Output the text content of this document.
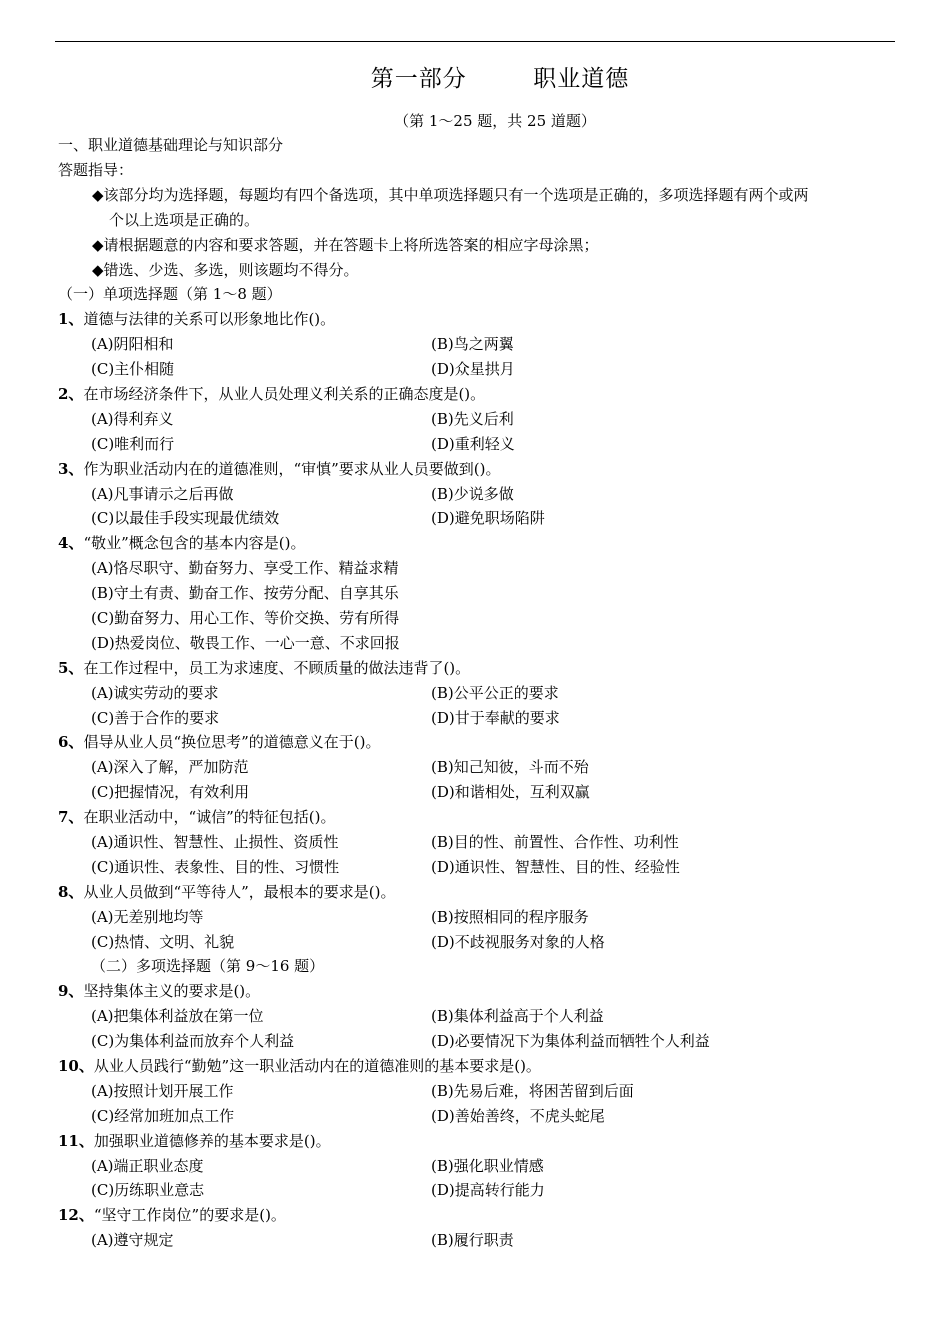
第一部分        职业道德
（第 1～25 题，共 25 道题）
一、职业道德基础理论与知识部分
答题指导：
◆该部分均为选择题，每题均有四个备选项，其中单项选择题只有一个选项是正确的，多项选择题有两个或两
个以上选项是正确的。
◆请根据题意的内容和要求答题，并在答题卡上将所选答案的相应字母涂黑；
◆错选、少选、多选，则该题均不得分。
（一）单项选择题（第 1～8 题）
1、道德与法律的关系可以形象地比作()。
(A)阴阳相和	(B)鸟之两翼
(C)主仆相随	(D)众星拱月
2、在市场经济条件下，从业人员处理义利关系的正确态度是()。
(A)得利弃义	(B)先义后利
(C)唯利而行	(D)重利轻义
3、作为职业活动内在的道德准则，“审慎”要求从业人员要做到()。
(A)凡事请示之后再做	(B)少说多做
(C)以最佳手段实现最优绩效	(D)避免职场陷阱
4、“敬业”概念包含的基本内容是()。
(A)恪尽职守、勤奋努力、享受工作、精益求精
(B)守土有责、勤奋工作、按劳分配、自享其乐
(C)勤奋努力、用心工作、等价交换、劳有所得
(D)热爱岗位、敬畏工作、一心一意、不求回报
5、在工作过程中，员工为求速度、不顾质量的做法违背了()。
(A)诚实劳动的要求	(B)公平公正的要求
(C)善于合作的要求	(D)甘于奉献的要求
6、倡导从业人员“换位思考”的道德意义在于()。
(A)深入了解，严加防范	(B)知己知彼，斗而不殆
(C)把握情况，有效利用	(D)和谐相处，互利双赢
7、在职业活动中，“诚信”的特征包括()。
(A)通识性、智慧性、止损性、资质性	(B)目的性、前置性、合作性、功利性
(C)通识性、表象性、目的性、习惯性	(D)通识性、智慧性、目的性、经验性
8、从业人员做到“平等待人”，最根本的要求是()。
(A)无差别地均等	(B)按照相同的程序服务
(C)热情、文明、礼貌	(D)不歧视服务对象的人格
（二）多项选择题（第 9～16 题）
9、坚持集体主义的要求是()。
(A)把集体利益放在第一位	(B)集体利益高于个人利益
(C)为集体利益而放弃个人利益	(D)必要情况下为集体利益而牺牲个人利益
10、从业人员践行“勤勉”这一职业活动内在的道德准则的基本要求是()。
(A)按照计划开展工作	(B)先易后难，将困苦留到后面
(C)经常加班加点工作	(D)善始善终，不虎头蛇尾
11、加强职业道德修养的基本要求是()。
(A)端正职业态度	(B)强化职业情感
(C)历练职业意志	(D)提高转行能力
12、“坚守工作岗位”的要求是()。
(A)遵守规定	(B)履行职责
